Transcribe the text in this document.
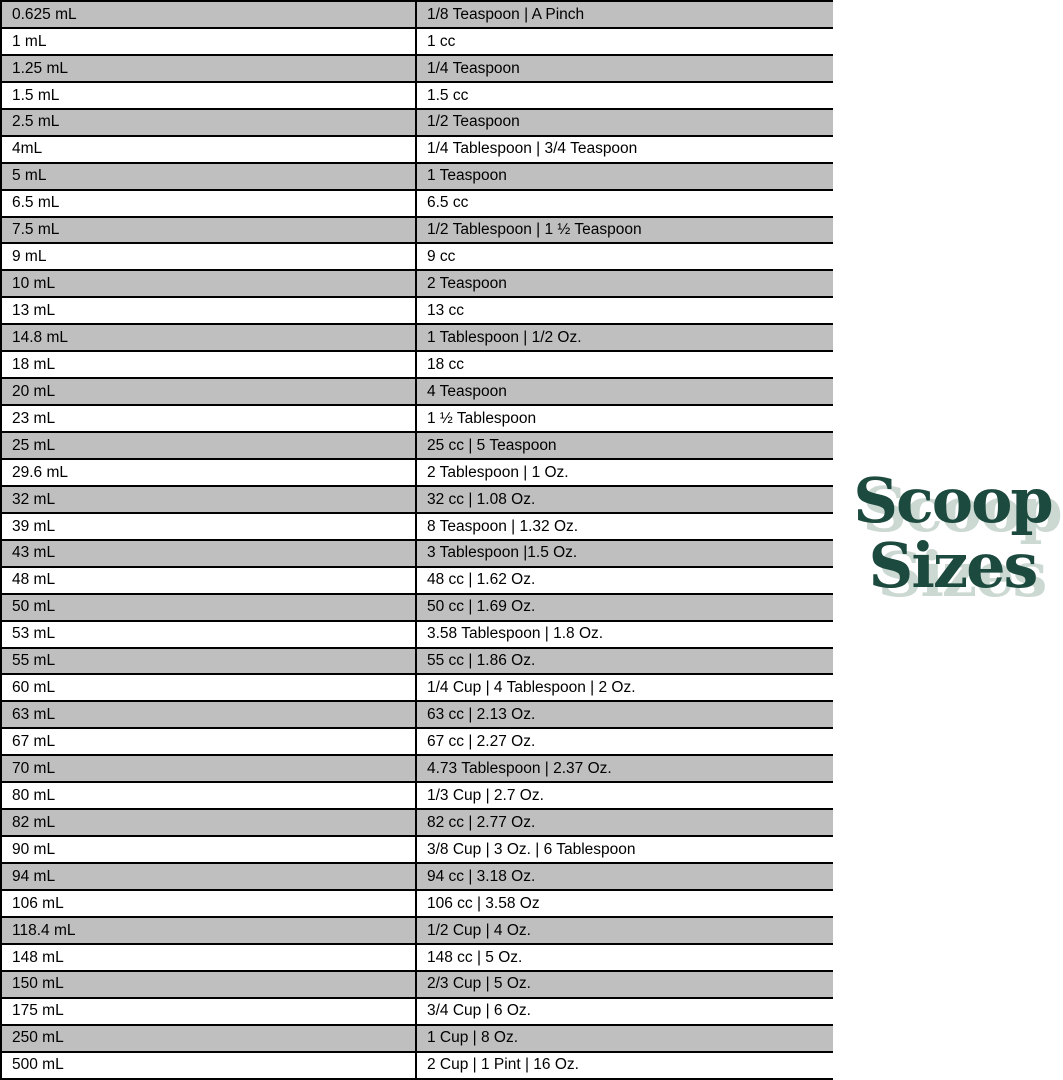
0.625 mL	1/8 Teaspoon | A Pinch
1 mL	1 cc
1.25 mL	1/4 Teaspoon
1.5 mL	1.5 cc
2.5 mL	1/2 Teaspoon
4mL	1/4 Tablespoon | 3/4 Teaspoon
5 mL	1 Teaspoon
6.5 mL	6.5 cc
7.5 mL	1/2 Tablespoon | 1 ½ Teaspoon
9 mL	9 cc
10 mL	2 Teaspoon
13 mL	13 cc
14.8 mL	1 Tablespoon | 1/2 Oz.
18 mL	18 cc
20 mL	4 Teaspoon
23 mL	1 ½ Tablespoon
25 mL	25 cc | 5 Teaspoon
29.6 mL	2 Tablespoon | 1 Oz.
32 mL	32 cc | 1.08 Oz.
39 mL	8 Teaspoon | 1.32 Oz.
43 mL	3 Tablespoon |1.5 Oz.
48 mL	48 cc | 1.62 Oz.
50 mL	50 cc | 1.69 Oz.
53 mL	3.58 Tablespoon | 1.8 Oz.
55 mL	55 cc | 1.86 Oz.
60 mL	1/4 Cup | 4 Tablespoon | 2 Oz.
63 mL	63 cc | 2.13 Oz.
67 mL	67 cc | 2.27 Oz.
70 mL	4.73 Tablespoon | 2.37 Oz.
80 mL	1/3 Cup | 2.7 Oz.
82 mL	82 cc | 2.77 Oz.
90 mL	3/8 Cup | 3 Oz. | 6 Tablespoon
94 mL	94 cc | 3.18 Oz.
106 mL	106 cc | 3.58 Oz
118.4 mL	1/2 Cup | 4 Oz.
148 mL	148 cc | 5 Oz.
150 mL	2/3 Cup | 5 Oz.
175 mL	3/4 Cup | 6 Oz.
250 mL	1 Cup | 8 Oz.
500 mL	2 Cup | 1 Pint | 16 Oz.
Scoop
Sizes
